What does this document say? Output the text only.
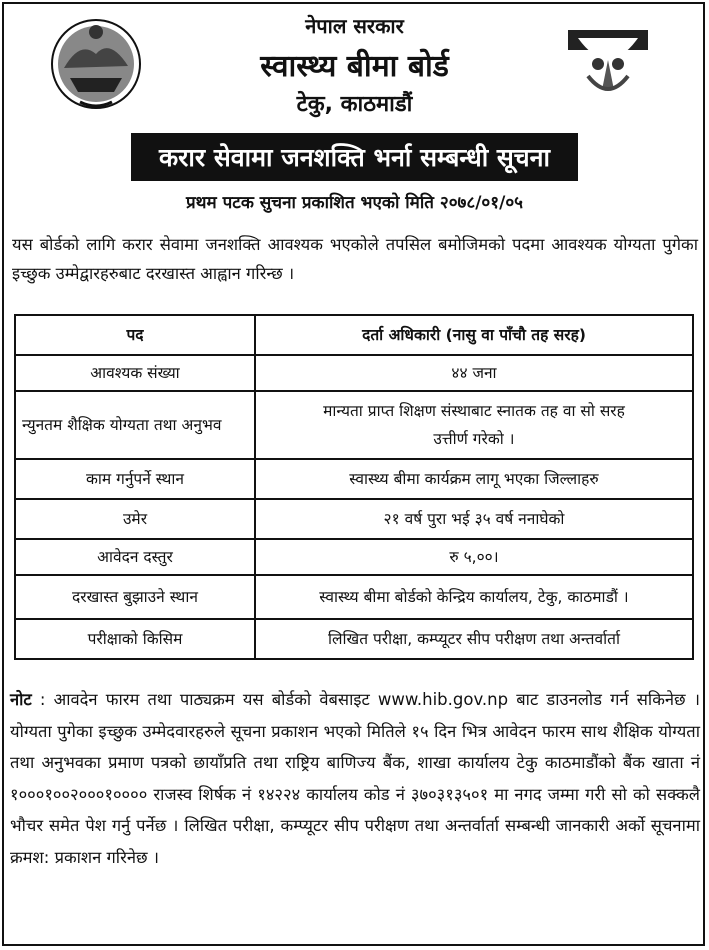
नेपाल सरकार
स्वास्थ्य बीमा बोर्ड
टेकु, काठमाडौं
करार सेवामा जनशक्ति भर्ना सम्बन्धी सूचना
प्रथम पटक सुचना प्रकाशित भएको मिति २०७८/०१/०५
यस बोर्डको लागि करार सेवामा जनशक्ति आवश्यक भएकोले तपसिल बमोजिमको पदमा आवश्यक योग्यता पुगेका इच्छुक उम्मेद्वारहरुबाट दरखास्त आह्वान गरिन्छ ।
पद	दर्ता अधिकारी (नासु वा पाँचौ तह सरह)
आवश्यक संख्या	४४ जना
न्युनतम शैक्षिक योग्यता तथा अनुभव	मान्यता प्राप्त शिक्षण संस्थाबाट स्नातक तह वा सो सरह उत्तीर्ण गरेको ।
काम गर्नुपर्ने स्थान	स्वास्थ्य बीमा कार्यक्रम लागू भएका जिल्लाहरु
उमेर	२१ वर्ष पुरा भई ३५ वर्ष ननाघेको
आवेदन दस्तुर	रु ५,००।
दरखास्त बुझाउने स्थान	स्वास्थ्य बीमा बोर्डको केन्द्रिय कार्यालय, टेकु, काठमाडौं ।
परीक्षाको किसिम	लिखित परीक्षा, कम्प्यूटर सीप परीक्षण तथा अन्तर्वार्ता
नोट : आवदेन फारम तथा पाठ्यक्रम यस बोर्डको वेबसाइट www.hib.gov.np बाट डाउनलोड गर्न सकिनेछ । योग्यता पुगेका इच्छुक उम्मेदवारहरुले सूचना प्रकाशन भएको मितिले १५ दिन भित्र आवेदन फारम साथ शैक्षिक योग्यता तथा अनुभवका प्रमाण पत्रको छायाँप्रति तथा राष्ट्रिय बाणिज्य बैंक, शाखा कार्यालय टेकु काठमाडौंको बैंक खाता नं १०००१००२०००१०००० राजस्व शिर्षक नं १४२२४ कार्यालय कोड नं ३७०३१३५०१ मा नगद जम्मा गरी सो को सक्कलै भौचर समेत पेश गर्नु पर्नेछ । लिखित परीक्षा, कम्प्यूटर सीप परीक्षण तथा अन्तर्वार्ता सम्बन्धी जानकारी अर्को सूचनामा क्रमश: प्रकाशन गरिनेछ ।
